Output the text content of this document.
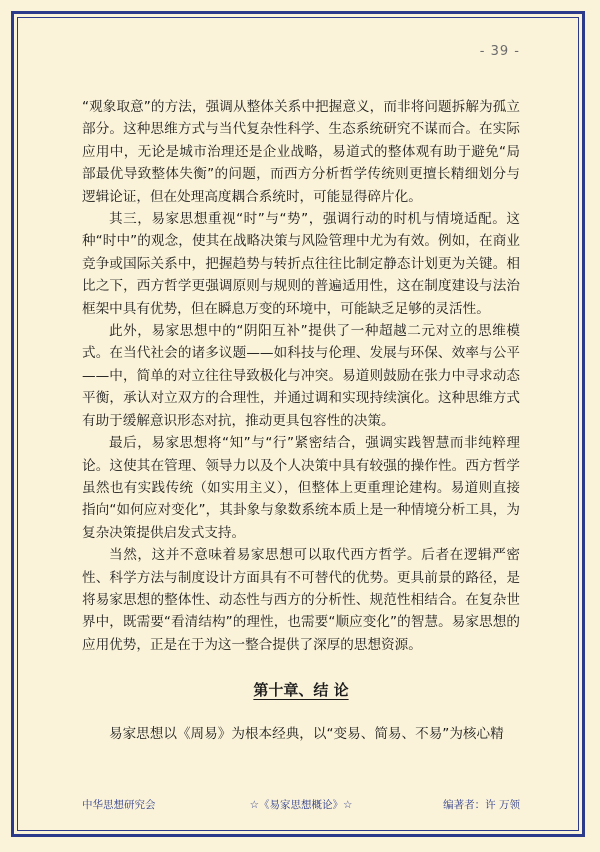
- 39 -

“观象取意”的方法，强调从整体关系中把握意义，而非将问题拆解为孤立部分。这种思维方式与当代复杂性科学、生态系统研究不谋而合。在实际应用中，无论是城市治理还是企业战略，易道式的整体观有助于避免“局部最优导致整体失衡”的问题，而西方分析哲学传统则更擅长精细划分与逻辑论证，但在处理高度耦合系统时，可能显得碎片化。

其三，易家思想重视“时”与“势”，强调行动的时机与情境适配。这种“时中”的观念，使其在战略决策与风险管理中尤为有效。例如，在商业竞争或国际关系中，把握趋势与转折点往往比制定静态计划更为关键。相比之下，西方哲学更强调原则与规则的普遍适用性，这在制度建设与法治框架中具有优势，但在瞬息万变的环境中，可能缺乏足够的灵活性。

此外，易家思想中的“阴阳互补”提供了一种超越二元对立的思维模式。在当代社会的诸多议题——如科技与伦理、发展与环保、效率与公平——中，简单的对立往往导致极化与冲突。易道则鼓励在张力中寻求动态平衡，承认对立双方的合理性，并通过调和实现持续演化。这种思维方式有助于缓解意识形态对抗，推动更具包容性的决策。

最后，易家思想将“知”与“行”紧密结合，强调实践智慧而非纯粹理论。这使其在管理、领导力以及个人决策中具有较强的操作性。西方哲学虽然也有实践传统（如实用主义），但整体上更重理论建构。易道则直接指向“如何应对变化”，其卦象与象数系统本质上是一种情境分析工具，为复杂决策提供启发式支持。

当然，这并不意味着易家思想可以取代西方哲学。后者在逻辑严密性、科学方法与制度设计方面具有不可替代的优势。更具前景的路径，是将易家思想的整体性、动态性与西方的分析性、规范性相结合。在复杂世界中，既需要“看清结构”的理性，也需要“顺应变化”的智慧。易家思想的应用优势，正是在于为这一整合提供了深厚的思想资源。

第十章、结 论

易家思想以《周易》为根本经典，以“变易、简易、不易”为核心精

中华思想研究会	☆《易家思想概论》☆	编著者：许 万领
